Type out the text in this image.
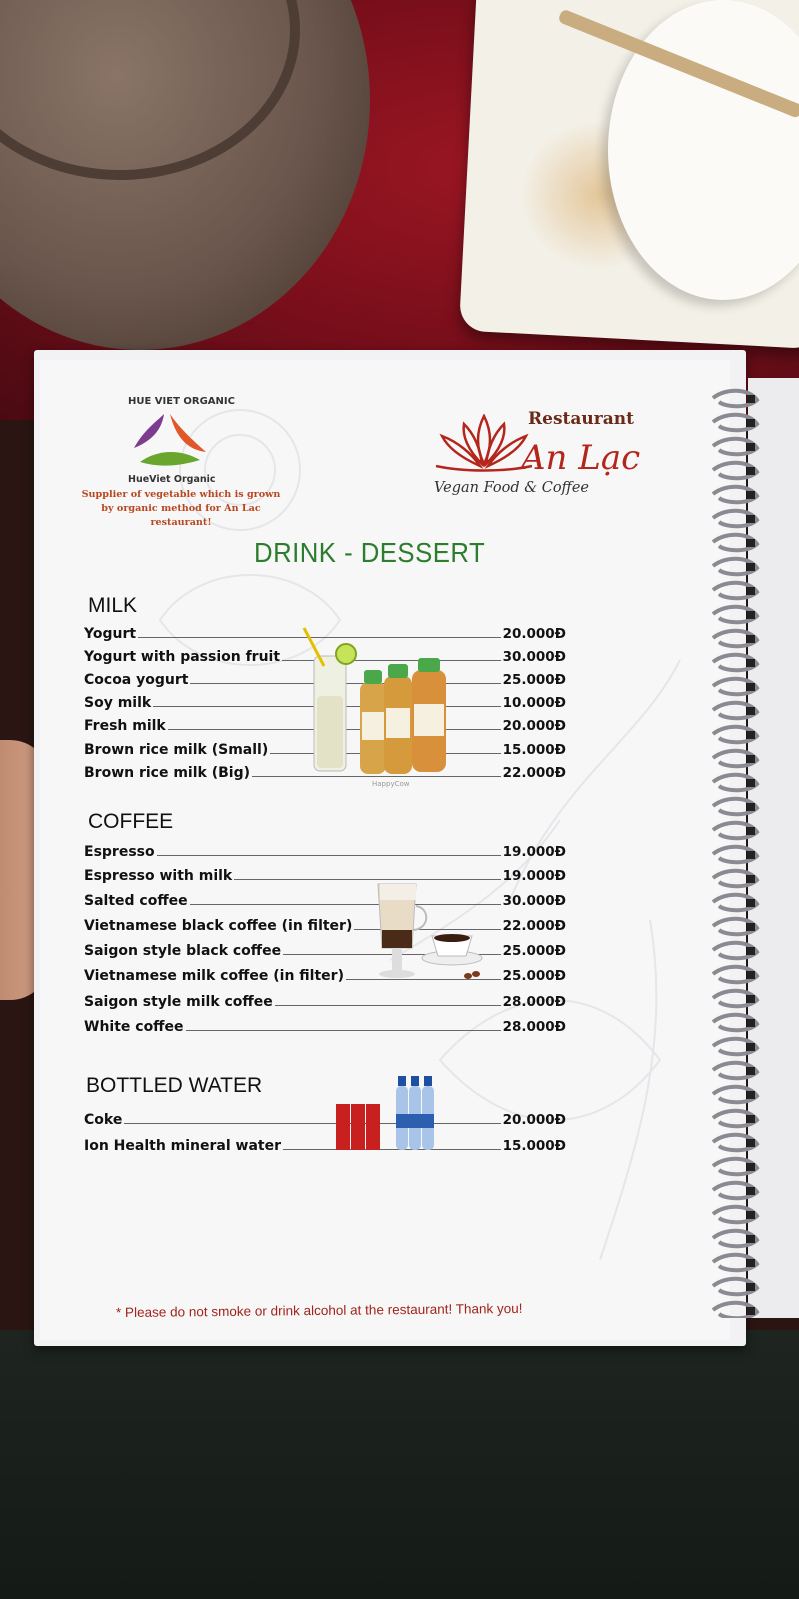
HUE VIET ORGANIC
HueViet Organic
Supplier of vegetable which is grown by organic method for An Lac restaurant!
Restaurant
An Lạc
Vegan Food & Coffee
DRINK - DESSERT
MILK
COFFEE
BOTTLED WATER
Yogurt	20.000Đ
Yogurt with passion fruit	30.000Đ
Cocoa yogurt	25.000Đ
Soy milk	10.000Đ
Fresh milk	20.000Đ
Brown rice milk (Small)	15.000Đ
Brown rice milk (Big)	22.000Đ
Espresso	19.000Đ
Espresso with milk	19.000Đ
Salted coffee	30.000Đ
Vietnamese black coffee (in filter)	22.000Đ
Saigon style black coffee	25.000Đ
Vietnamese milk coffee (in filter)	25.000Đ
Saigon style milk coffee	28.000Đ
White coffee	28.000Đ
Coke	20.000Đ
Ion Health mineral water	15.000Đ
HappyCow
* Please do not smoke or drink alcohol at the restaurant! Thank you!
